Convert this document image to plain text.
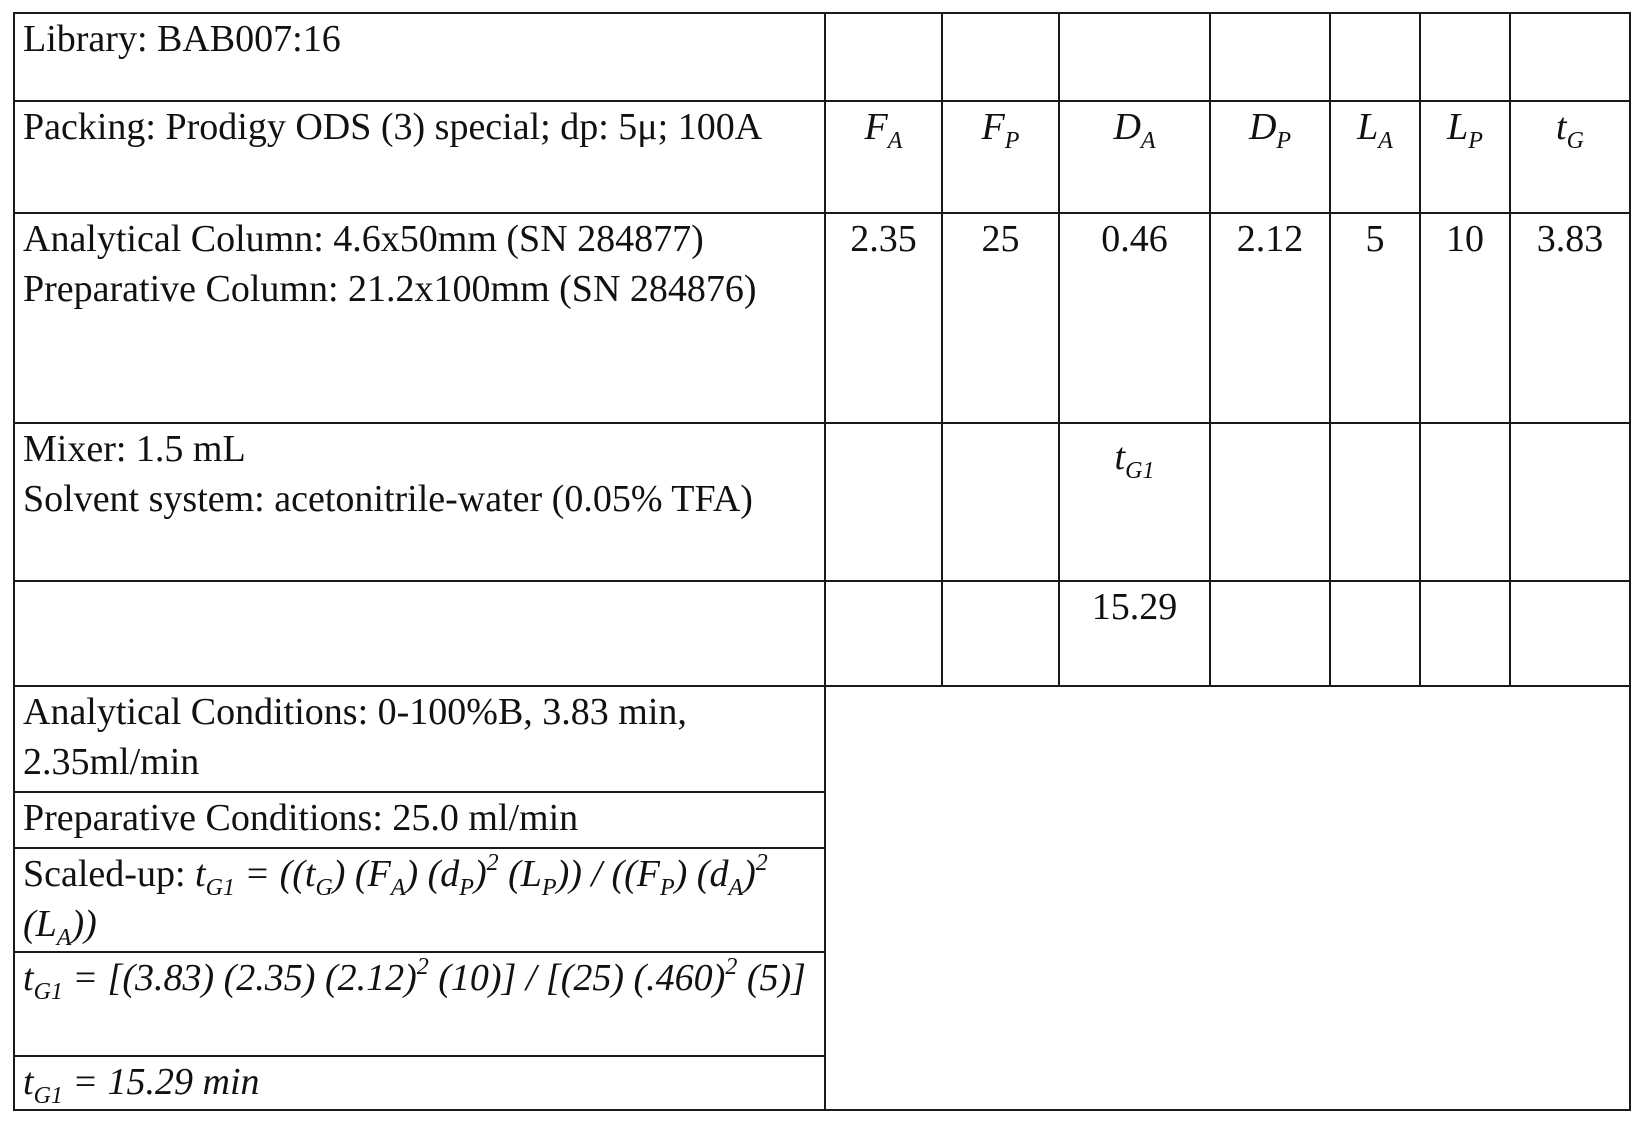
Library: BAB007:16							
Packing: Prodigy ODS (3) special; dp: 5μ; 100A	$F_A$	$F_P$	$D_A$	$D_P$	$L_A$	$L_P$	$t_G$

Analytical Column: 4.6x50mm (SN 284877)
Preparative Column: 21.2x100mm (SN 284876)	2.35	25	0.46	2.12	5	10	3.83

Mixer: 1.5 mL
Solvent system: acetonitrile-water (0.05% TFA)			$t_{G1}$				
			15.29				
Analytical Conditions: 0-100%B, 3.83 min, 2.35ml/min							
Preparative Conditions: 25.0 ml/min							
Scaled-up: $t_{G1} = ((t_G)$ $(F_A)$ $(d_P)^2$ $(L_P)) / ((F_P)$ $(d_A)^2$ $(L_A)$)							
$t_{G1} = [(3.83)$ (2.35) $(2.12)^2$ (10)] / [(25) $(.460)^2$ (5)]							
$t_{G1} = 15.29$ min							
